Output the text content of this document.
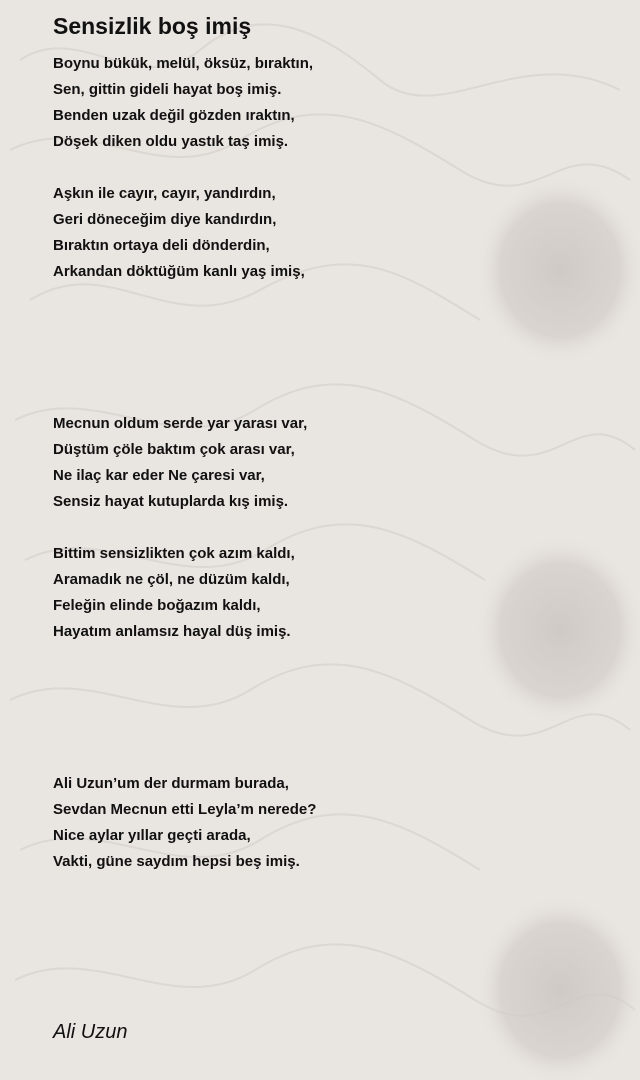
Sensizlik boş imiş
Boynu bükük, melül, öksüz, bıraktın,
Sen, gittin gideli hayat boş imiş.
Benden uzak değil gözden ıraktın,
Döşek diken oldu yastık taş imiş.
Aşkın ile cayır, cayır, yandırdın,
Geri döneceğim diye kandırdın,
Bıraktın ortaya deli dönderdin,
Arkandan döktüğüm kanlı yaş imiş,
Mecnun oldum serde yar yarası var,
Düştüm çöle baktım çok arası var,
Ne ilaç kar eder Ne çaresi var,
Sensiz hayat kutuplarda kış imiş.
Bittim sensizlikten çok azım kaldı,
Aramadık ne çöl, ne düzüm kaldı,
Feleğin elinde boğazım kaldı,
Hayatım anlamsız hayal düş imiş.
Ali Uzun’um der durmam burada,
Sevdan Mecnun etti Leyla’m nerede?
Nice aylar yıllar geçti arada,
Vakti, güne saydım hepsi beş imiş.

Ali Uzun
